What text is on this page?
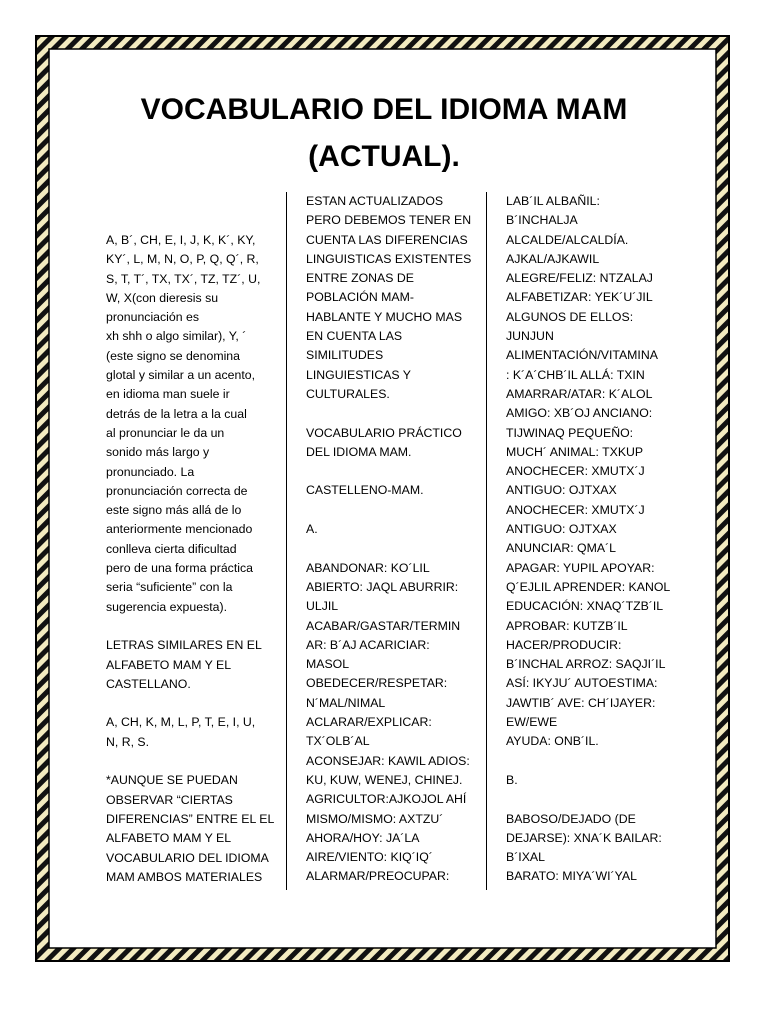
VOCABULARIO DEL IDIOMA MAM
(ACTUAL).
A, B´, CH, E, I, J, K, K´, KY,
KY´, L, M, N, O, P, Q, Q´, R,
S, T, T´, TX, TX´, TZ, TZ´, U,
W, X(con dieresis su
pronunciación es
xh shh o algo similar), Y, ´
(este signo se denomina
glotal y similar a un acento,
en idioma man suele ir
detrás de la letra a la cual
al pronunciar le da un
sonido más largo y
pronunciado. La
pronunciación correcta de
este signo más allá de lo
anteriormente mencionado
conlleva cierta dificultad
pero de una forma práctica
seria “suficiente” con la
sugerencia expuesta).
LETRAS SIMILARES EN EL
ALFABETO MAM Y EL
CASTELLANO.
A, CH, K, M, L, P, T, E, I, U,
N, R, S.
*AUNQUE SE PUEDAN
OBSERVAR “CIERTAS
DIFERENCIAS” ENTRE EL EL
ALFABETO MAM Y EL
VOCABULARIO DEL IDIOMA
MAM AMBOS MATERIALES
ESTAN ACTUALIZADOS
PERO DEBEMOS TENER EN
CUENTA LAS DIFERENCIAS
LINGUISTICAS EXISTENTES
ENTRE ZONAS DE
POBLACIÓN MAM-
HABLANTE Y MUCHO MAS
EN CUENTA LAS
SIMILITUDES
LINGUIESTICAS Y
CULTURALES.
VOCABULARIO PRÁCTICO
DEL IDIOMA MAM.
CASTELLENO-MAM.
A.
ABANDONAR: KO´LIL
ABIERTO: JAQL ABURRIR:
ULJIL
ACABAR/GASTAR/TERMIN
AR: B´AJ ACARICIAR:
MASOL
OBEDECER/RESPETAR:
N´MAL/NIMAL
ACLARAR/EXPLICAR:
TX´OLB´AL
ACONSEJAR: KAWIL ADIOS:
KU, KUW, WENEJ, CHINEJ.
AGRICULTOR:AJKOJOL AHÍ
MISMO/MISMO: AXTZU´
AHORA/HOY: JA´LA
AIRE/VIENTO: KIQ´IQ´
ALARMAR/PREOCUPAR:
LAB´IL ALBAÑIL:
B´INCHALJA
ALCALDE/ALCALDÍA.
AJKAL/AJKAWIL
ALEGRE/FELIZ: NTZALAJ
ALFABETIZAR: YEK´U´JIL
ALGUNOS DE ELLOS:
JUNJUN
ALIMENTACIÓN/VITAMINA
: K´A´CHB´IL ALLÁ: TXIN
AMARRAR/ATAR: K´ALOL
AMIGO: XB´OJ ANCIANO:
TIJWINAQ PEQUEÑO:
MUCH´ ANIMAL: TXKUP
ANOCHECER: XMUTX´J
ANTIGUO: OJTXAX
ANOCHECER: XMUTX´J
ANTIGUO: OJTXAX
ANUNCIAR: QMA´L
APAGAR: YUPIL APOYAR:
Q´EJLIL APRENDER: KANOL
EDUCACIÓN: XNAQ´TZB´IL
APROBAR: KUTZB´IL
HACER/PRODUCIR:
B´INCHAL ARROZ: SAQJI´IL
ASÍ: IKYJU´ AUTOESTIMA:
JAWTIB´ AVE: CH´IJAYER:
EW/EWE
AYUDA: ONB´IL.
B.
BABOSO/DEJADO (DE
DEJARSE): XNA´K BAILAR:
B´IXAL
BARATO: MIYA´WI´YAL
